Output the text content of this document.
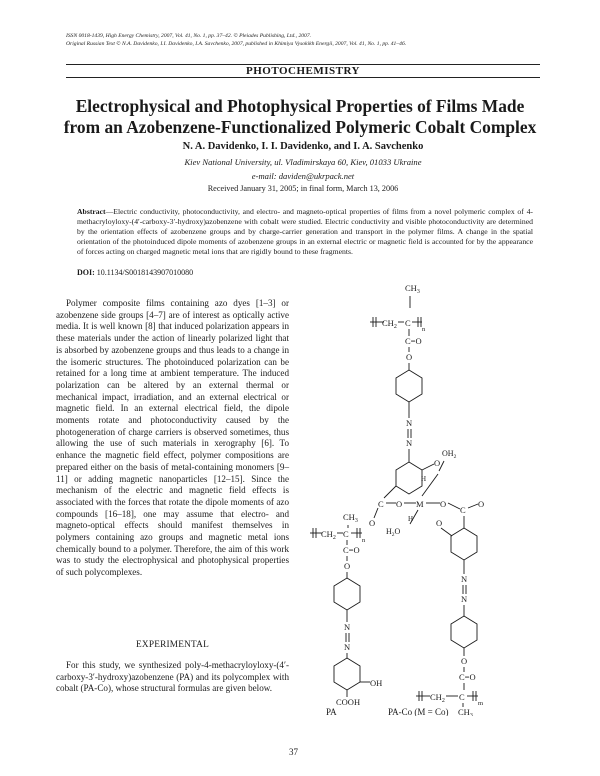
ISSN 0018-1439, High Energy Chemistry, 2007, Vol. 41, No. 1, pp. 37–42. © Pleiades Publishing, Ltd., 2007.
Original Russian Text © N.A. Davidenko, I.I. Davidenko, I.A. Savchenko, 2007, published in Khimiya Vysokikh Energii, 2007, Vol. 41, No. 1, pp. 41–46.
PHOTOCHEMISTRY
Electrophysical and Photophysical Properties of Films Made
from an Azobenzene-Functionalized Polymeric Cobalt Complex
N. A. Davidenko, I. I. Davidenko, and I. A. Savchenko
Kiev National University, ul. Vladimirskaya 60, Kiev, 01033 Ukraine
e-mail: daviden@ukrpack.net
Received January 31, 2005; in final form, March 13, 2006
Abstract—Electric conductivity, photoconductivity, and electro- and magneto-optical properties of films from a novel polymeric complex of 4-methacryloyloxy-(4′-carboxy-3′-hydroxy)azobenzene with cobalt were studied. Electric conductivity and visible photoconductivity are determined by the orientation effects of azobenzene groups and by charge-carrier generation and transport in the polymer films. A change in the spatial orientation of the photoinduced dipole moments of azobenzene groups in an external electric or magnetic field is accounted for by the appearance of forces acting on charged magnetic metal ions that are rigidly bound to these fragments.
DOI: 10.1134/S0018143907010080

Polymer composite films containing azo dyes [1–3] or azobenzene side groups [4–7] are of interest as optically active media. It is well known [8] that induced polarization appears in these materials under the action of linearly polarized light that is absorbed by azobenzene groups and thus leads to a change in the isomeric structures. The photoinduced polarization can be retained for a long time at ambient temperature. The induced polarization can be altered by an external thermal or mechanical impact, irradiation, and an external electrical or magnetic field. In an external electrical field, the dipole moments rotate and photoconductivity caused by the photogeneration of charge carriers is observed sometimes, thus allowing the use of such materials in xerography [6]. To enhance the magnetic field effect, polymer compositions are prepared either on the basis of metal-containing monomers [9–11] or adding magnetic nanoparticles [12–15]. Since the mechanism of the electric and magnetic field effects is associated with the forces that rotate the dipole moments of azo compounds [16–18], one may assume that electro- and magneto-optical effects should manifest themselves in polymers containing azo groups and magnetic metal ions chemically bound to a polymer. Therefore, the aim of this work was to study the electrophysical and photophysical properties of such polycomplexes.

EXPERIMENTAL

For this study, we synthesized poly-4-methacryloyloxy-(4′-carboxy-3′-hydroxy)azobenzene (PA) and its polycomplex with cobalt (PA-Co), whose structural formulas are given below.

37
$CH_3$
$CH_2$ C
n
C=O
O
N
N
O
H
C
O
O M O
$OH_2$
H
$H_2O$
C
O
O
N
N
O
C=O
$CH_2$ C
m
$CH_3$
$CH_3$
$CH_2$ C
n
C=O
O
N
N
OH
COOH
PA	PA-Co (M = Co)
